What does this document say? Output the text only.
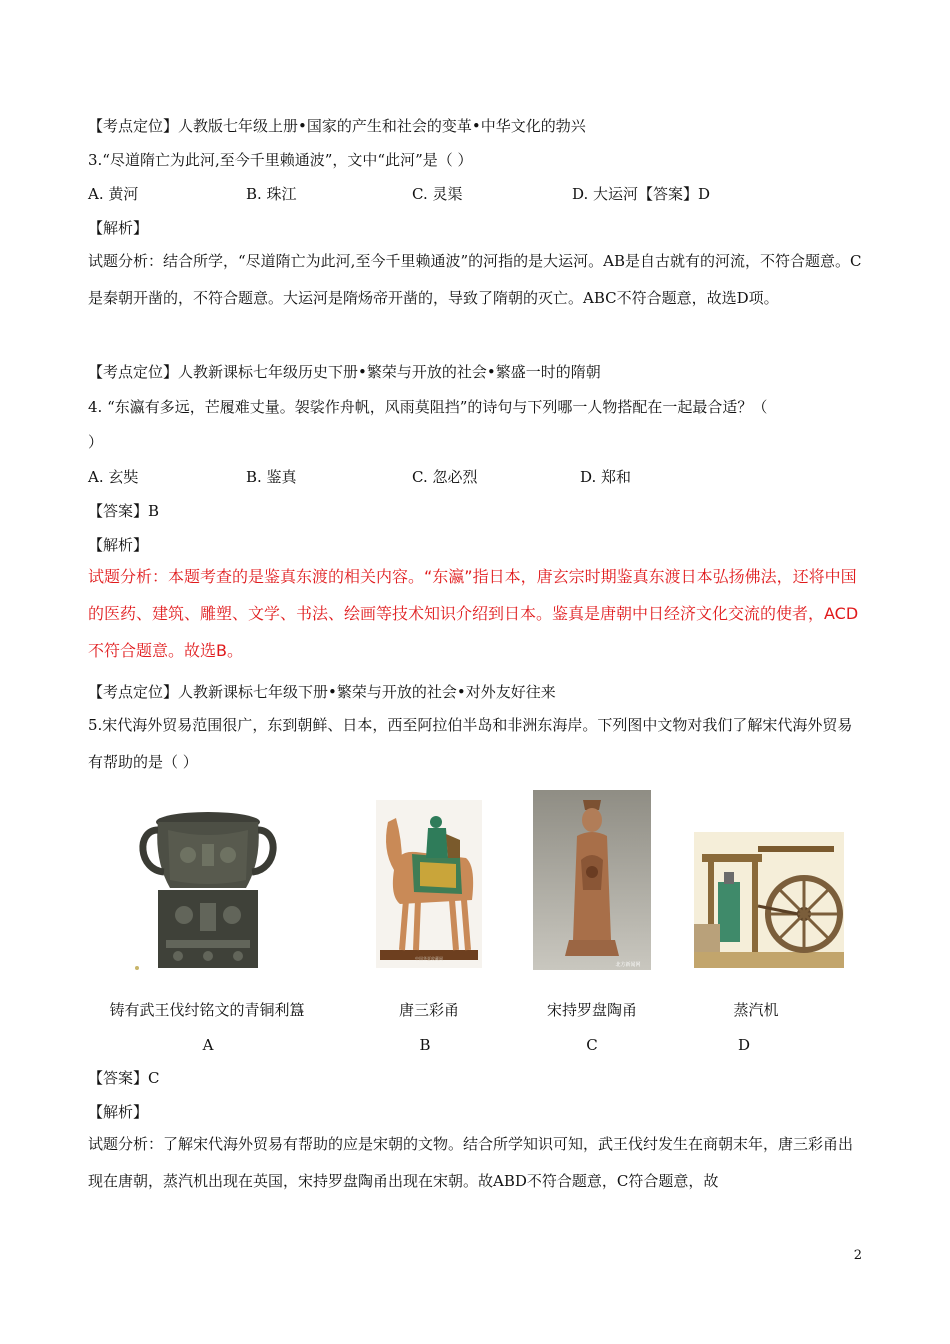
【考点定位】人教版七年级上册•国家的产生和社会的变革•中华文化的勃兴
3.“尽道隋亡为此河,至今千里赖通波”，文中“此河”是（ ）
A. 黄河	B. 珠江	C. 灵渠	D. 大运河【答案】D
【解析】
试题分析：结合所学，“尽道隋亡为此河,至今千里赖通波”的河指的是大运河。AB是自古就有的河流，不符合题意。C是秦朝开凿的，不符合题意。大运河是隋炀帝开凿的，导致了隋朝的灭亡。ABC不符合题意，故选D项。
【考点定位】人教新课标七年级历史下册•繁荣与开放的社会•繁盛一时的隋朝
4. “东瀛有多远，芒履难丈量。袈裟作舟帆，风雨莫阻挡”的诗句与下列哪一人物搭配在一起最合适？（
）
A. 玄奘	B. 鉴真	C. 忽必烈	D. 郑和
【答案】B
【解析】
试题分析：本题考查的是鉴真东渡的相关内容。“东瀛”指日本，唐玄宗时期鉴真东渡日本弘扬佛法，还将中国的医药、建筑、雕塑、文学、书法、绘画等技术知识介绍到日本。鉴真是唐朝中日经济文化交流的使者，ACD不符合题意。故选B。
【考点定位】人教新课标七年级下册•繁荣与开放的社会•对外友好往来
5.宋代海外贸易范围很广，东到朝鲜、日本，西至阿拉伯半岛和非洲东海岸。下列图中文物对我们了解宋代海外贸易有帮助的是（ ）
中国华夏收藏网
北方新闻网
铸有武王伐纣铭文的青铜利簋	唐三彩甬	宋持罗盘陶甬	蒸汽机
A	B	C	D
【答案】C
【解析】
试题分析：了解宋代海外贸易有帮助的应是宋朝的文物。结合所学知识可知，武王伐纣发生在商朝末年，唐三彩甬出现在唐朝，蒸汽机出现在英国，宋持罗盘陶甬出现在宋朝。故ABD不符合题意，C符合题意，故
2
